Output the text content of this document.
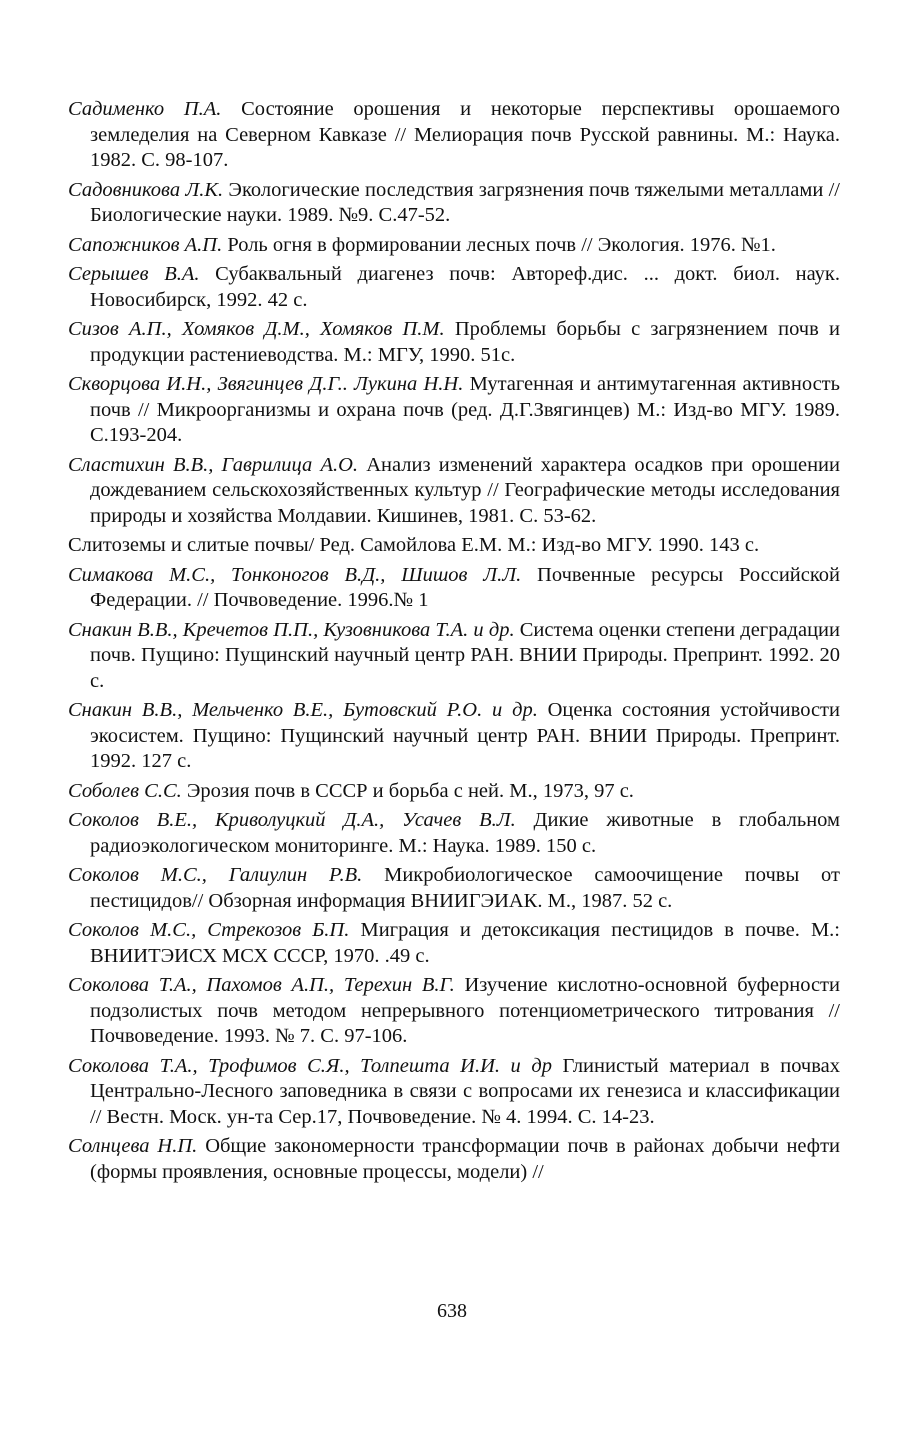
Садименко П.А. Состояние орошения и некоторые перспективы орошаемого земледелия на Северном Кавказе // Мелиорация почв Русской равнины. М.: Наука. 1982. С. 98-107.

Садовникова Л.К. Экологические последствия загрязнения почв тяжелыми металлами // Биологические науки. 1989. №9. С.47-52.

Сапожников А.П. Роль огня в формировании лесных почв // Экология. 1976. №1.

Серышев В.А. Субаквальный диагенез почв: Автореф.дис. ... докт. биол. наук. Новосибирск, 1992. 42 с.

Сизов А.П., Хомяков Д.М., Хомяков П.М. Проблемы борьбы с загрязнением почв и продукции растениеводства. М.: МГУ, 1990. 51с.

Скворцова И.Н., Звягинцев Д.Г.. Лукина Н.Н. Мутагенная и антимутагенная активность почв // Микроорганизмы и охрана почв (ред. Д.Г.Звягинцев) М.: Изд-во МГУ. 1989. С.193-204.

Сластихин В.В., Гаврилица А.О. Анализ изменений характера осадков при орошении дождеванием сельскохозяйственных культур // Географические методы исследования природы и хозяйства Молдавии. Кишинев, 1981. С. 53-62.

Слитоземы и слитые почвы/ Ред. Самойлова Е.М. М.: Изд-во МГУ. 1990. 143 с.

Симакова М.С., Тонконогов В.Д., Шишов Л.Л. Почвенные ресурсы Российской Федерации. // Почвоведение. 1996.№ 1

Снакин В.В., Кречетов П.П., Кузовникова Т.А. и др. Система оценки степени деградации почв. Пущино: Пущинский научный центр РАН. ВНИИ Природы. Препринт. 1992. 20 с.

Снакин В.В., Мельченко В.Е., Бутовский Р.О. и др. Оценка состояния устойчивости экосистем. Пущино: Пущинский научный центр РАН. ВНИИ Природы. Препринт. 1992. 127 с.

Соболев С.С. Эрозия почв в СССР и борьба с ней. М., 1973, 97 с.

Соколов В.Е., Криволуцкий Д.А., Усачев В.Л. Дикие животные в глобальном радиоэкологическом мониторинге. М.: Наука. 1989. 150 с.

Соколов М.С., Галиулин Р.В. Микробиологическое самоочищение почвы от пестицидов// Обзорная информация ВНИИГЭИАК. М., 1987. 52 с.

Соколов М.С., Стрекозов Б.П. Миграция и детоксикация пестицидов в почве. М.: ВНИИТЭИСХ МСХ СССР, 1970. .49 с.

Соколова Т.А., Пахомов А.П., Терехин В.Г. Изучение кислотно-основной буферности подзолистых почв методом непрерывного потенциометрического титрования // Почвоведение. 1993. № 7. С. 97-106.

Соколова Т.А., Трофимов С.Я., Толпешта И.И. и др Глинистый материал в почвах Центрально-Лесного заповедника в связи с вопросами их генезиса и классификации // Вестн. Моск. ун-та Сер.17, Почвоведение. № 4. 1994. С. 14-23.

Солнцева Н.П. Общие закономерности трансформации почв в районах добычи нефти (формы проявления, основные процессы, модели) //

638
